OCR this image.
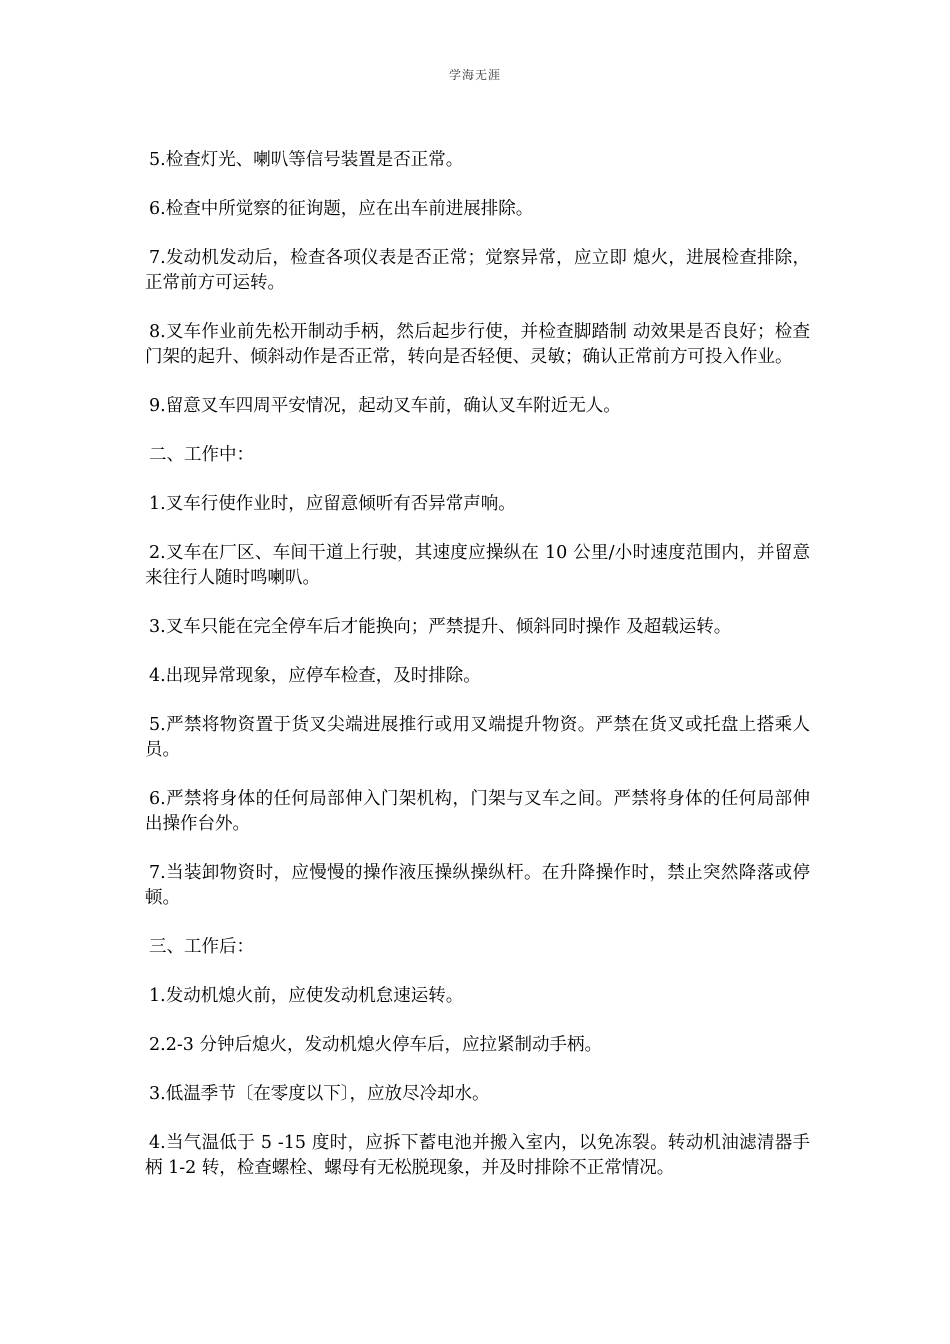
学海无涯

5.检查灯光、喇叭等信号装置是否正常。

6.检查中所觉察的征询题，应在出车前进展排除。

7.发动机发动后，检查各项仪表是否正常；觉察异常，应立即 熄火，进展检查排除，正常前方可运转。

8.叉车作业前先松开制动手柄，然后起步行使，并检查脚踏制 动效果是否良好；检查门架的起升、倾斜动作是否正常，转向是否轻便、灵敏；确认正常前方可投入作业。

9.留意叉车四周平安情况，起动叉车前，确认叉车附近无人。

二、工作中：

1.叉车行使作业时，应留意倾听有否异常声响。

2.叉车在厂区、车间干道上行驶，其速度应操纵在 10 公里/小时速度范围内，并留意来往行人随时鸣喇叭。

3.叉车只能在完全停车后才能换向；严禁提升、倾斜同时操作 及超载运转。

4.出现异常现象，应停车检查，及时排除。

5.严禁将物资置于货叉尖端进展推行或用叉端提升物资。严禁在货叉或托盘上搭乘人员。

6.严禁将身体的任何局部伸入门架机构，门架与叉车之间。严禁将身体的任何局部伸出操作台外。

7.当装卸物资时，应慢慢的操作液压操纵操纵杆。在升降操作时，禁止突然降落或停顿。

三、工作后：

1.发动机熄火前，应使发动机怠速运转。

2.2-3 分钟后熄火，发动机熄火停车后，应拉紧制动手柄。

3.低温季节〔在零度以下〕，应放尽冷却水。

4.当气温低于 5 -15 度时，应拆下蓄电池并搬入室内，以免冻裂。转动机油滤清器手柄 1-2 转，检查螺栓、螺母有无松脱现象，并及时排除不正常情况。
